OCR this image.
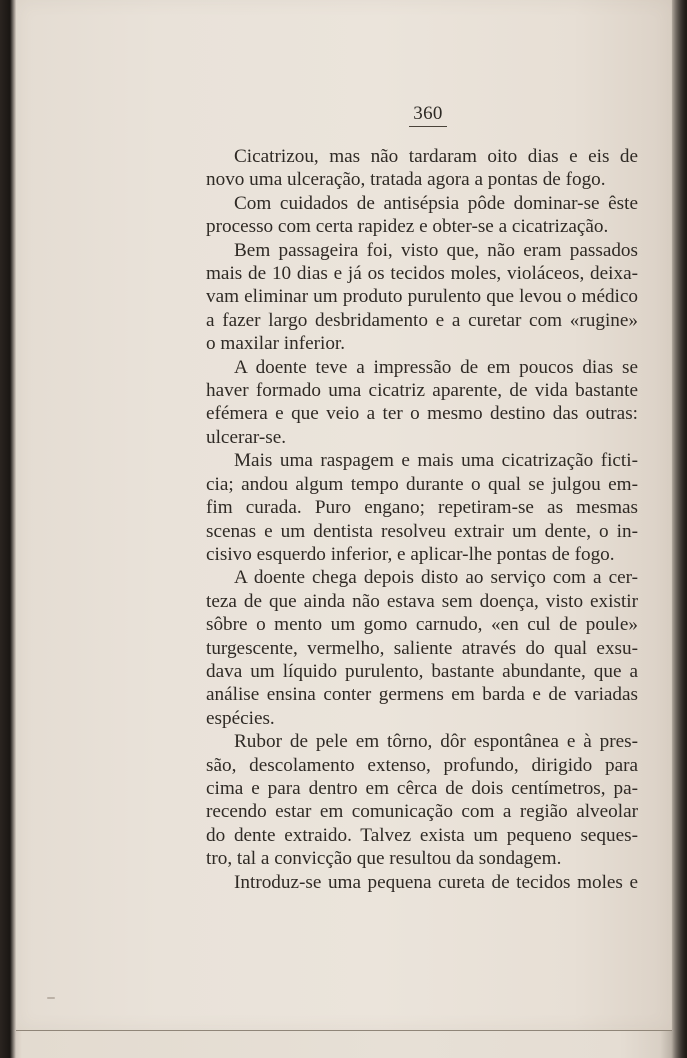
360
Cicatrizou, mas não tardaram oito dias e eis de
novo uma ulceração, tratada agora a pontas de fogo.
Com cuidados de antisépsia pôde dominar-se êste
processo com certa rapidez e obter-se a cicatrização.
Bem passageira foi, visto que, não eram passados
mais de 10 dias e já os tecidos moles, violáceos, deixa-
vam eliminar um produto purulento que levou o médico
a fazer largo desbridamento e a curetar com «rugine»
o maxilar inferior.
A doente teve a impressão de em poucos dias se
haver formado uma cicatriz aparente, de vida bastante
efémera e que veio a ter o mesmo destino das outras:
ulcerar-se.
Mais uma raspagem e mais uma cicatrização ficti-
cia; andou algum tempo durante o qual se julgou em-
fim curada. Puro engano; repetiram-se as mesmas
scenas e um dentista resolveu extrair um dente, o in-
cisivo esquerdo inferior, e aplicar-lhe pontas de fogo.
A doente chega depois disto ao serviço com a cer-
teza de que ainda não estava sem doença, visto existir
sôbre o mento um gomo carnudo, «en cul de poule»
turgescente, vermelho, saliente através do qual exsu-
dava um líquido purulento, bastante abundante, que a
análise ensina conter germens em barda e de variadas
espécies.
Rubor de pele em tôrno, dôr espontânea e à pres-
são, descolamento extenso, profundo, dirigido para
cima e para dentro em cêrca de dois centímetros, pa-
recendo estar em comunicação com a região alveolar
do dente extraido. Talvez exista um pequeno seques-
tro, tal a convicção que resultou da sondagem.
Introduz-se uma pequena cureta de tecidos moles e
